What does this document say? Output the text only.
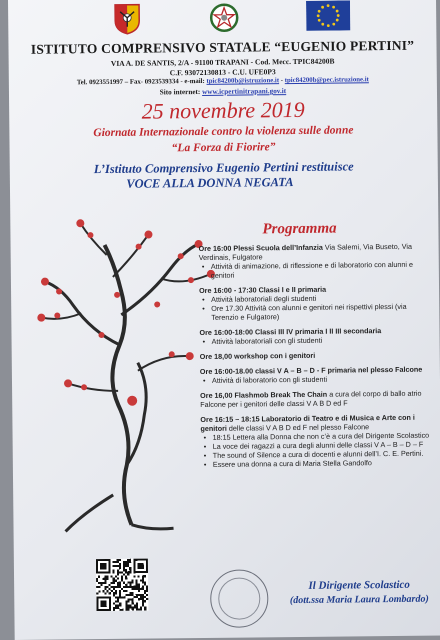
ISTITUTO COMPRENSIVO STATALE “EUGENIO PERTINI”
VIA A. DE SANTIS, 2/A - 91100 TRAPANI - Cod. Mecc. TPIC84200B
C.F. 93072130813 - C.U. UFE0P3
Tel. 0923551997 – Fax- 0923539334 - e-mail: tpic84200b@istruzione.it - tpic84200b@pec.istruzione.it
Sito internet: www.icpertinitrapani.gov.it
25 novembre 2019
Giornata Internazionale contro la violenza sulle donne
“La Forza di Fiorire”
L’Istituto Comprensivo Eugenio Pertini restituisce
VOCE ALLA DONNA NEGATA
Programma
Ore 16:00 Plessi Scuola dell’Infanzia Via Salemi, Via Buseto, Via Verdinais, Fulgatore
• Attività di animazione, di riflessione e di laboratorio con alunni e genitori
Ore 16:00 - 17:30 Classi I e II primaria
• Attività laboratoriali degli studenti
• Ore 17.30 Attività con alunni e genitori nei rispettivi plessi (via Terenzio e Fulgatore)
Ore 16:00-18:00 Classi III IV primaria I II III secondaria
• Attività laboratoriali con gli studenti
Ore 18,00 workshop con i genitori
Ore 16:00-18.00 classi V A – B – D - F primaria nel plesso Falcone
• Attività di laboratorio con gli studenti
Ore 16,00 Flashmob Break The Chain a cura del corpo di ballo atrio Falcone per i genitori delle classi V A B D ed F
Ore 16:15 – 18:15 Laboratorio di Teatro e di Musica e Arte con i genitori delle classi V A B D ed F nel plesso Falcone
• 18:15 Lettera alla Donna che non c’è a cura del Dirigente Scolastico
• La voce dei ragazzi a cura degli alunni delle classi V A – B – D – F
• The sound of Silence a cura di docenti e alunni dell’I. C. E. Pertini.
• Essere una donna a cura di Maria Stella Gandolfo
Il Dirigente Scolastico
(dott.ssa Maria Laura Lombardo)
